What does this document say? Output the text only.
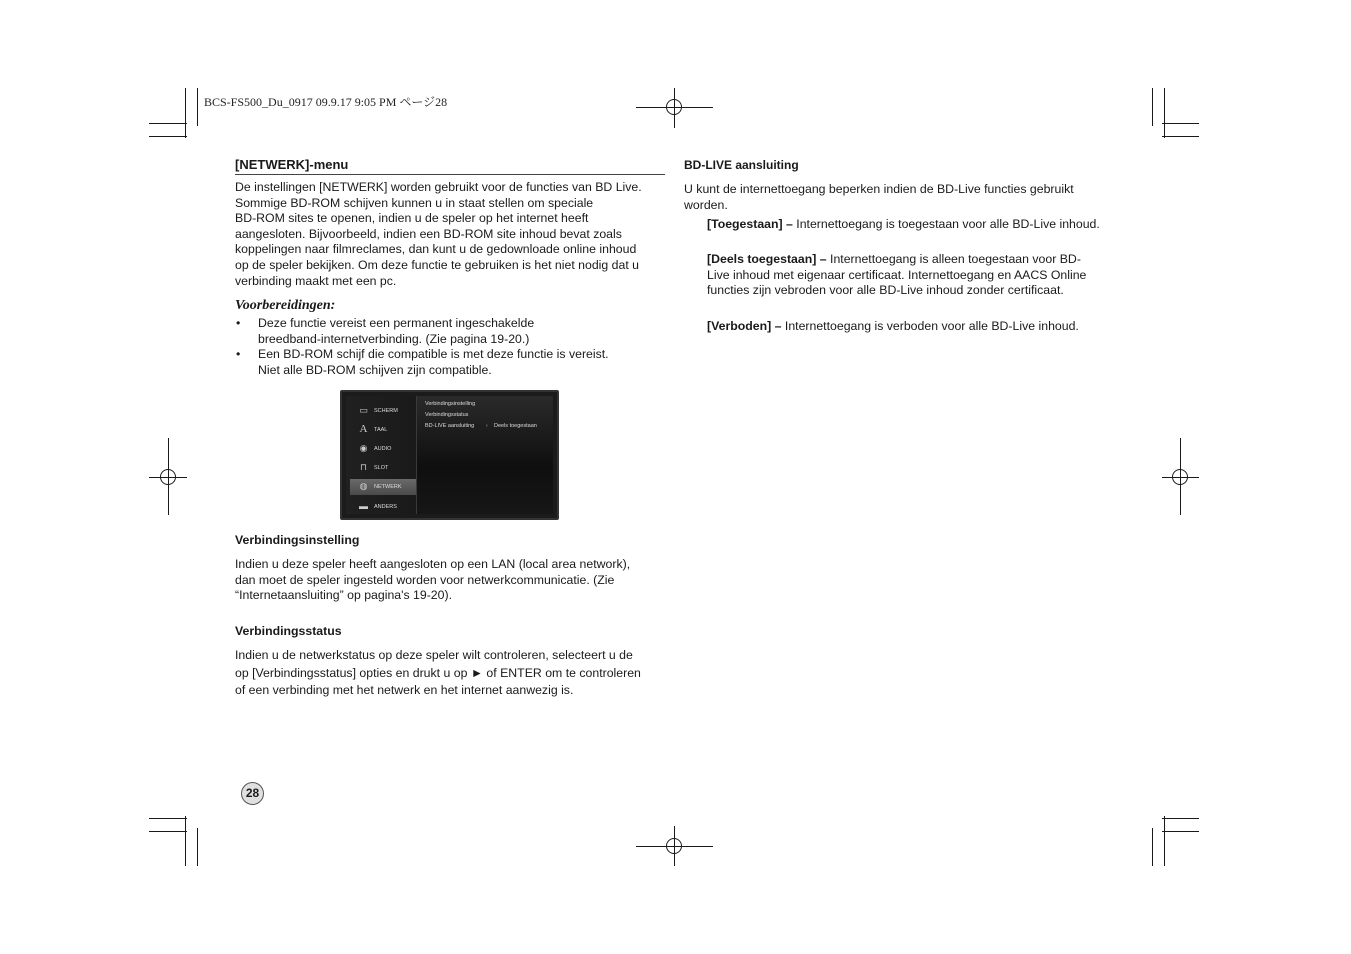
BCS-FS500_Du_0917 09.9.17 9:05 PM ページ28
[NETWERK]-menu
De instellingen [NETWERK] worden gebruikt voor de functies van BD Live.
Sommige BD-ROM schijven kunnen u in staat stellen om speciale
BD-ROM sites te openen, indien u de speler op het internet heeft
aangesloten. Bijvoorbeeld, indien een BD-ROM site inhoud bevat zoals
koppelingen naar filmreclames, dan kunt u de gedownloade online inhoud
op de speler bekijken. Om deze functie te gebruiken is het niet nodig dat u
verbinding maakt met een pc.
Voorbereidingen:
• Deze functie vereist een permanent ingeschakelde
breedband-internetverbinding. (Zie pagina 19-20.)
• Een BD-ROM schijf die compatible is met deze functie is vereist.
Niet alle BD-ROM schijven zijn compatible.
▭ SCHERM
A TAAL
◉ AUDIO
⊓ SLOT
◍ NETWERK
▬ ANDERS
Verbindingsinstelling
Verbindingsstatus
BD-LIVE aansluiting › Deels toegestaan
Verbindingsinstelling
Indien u deze speler heeft aangesloten op een LAN (local area network),
dan moet de speler ingesteld worden voor netwerkcommunicatie. (Zie
“Internetaansluiting” op pagina's 19-20).
Verbindingsstatus
Indien u de netwerkstatus op deze speler wilt controleren, selecteert u de
op [Verbindingsstatus] opties en drukt u op ► of ENTER om te controleren
of een verbinding met het netwerk en het internet aanwezig is.
BD-LIVE aansluiting
U kunt de internettoegang beperken indien de BD-Live functies gebruikt
worden.
[Toegestaan] – Internettoegang is toegestaan voor alle BD-Live inhoud.
[Deels toegestaan] – Internettoegang is alleen toegestaan voor BD-Live inhoud met eigenaar certificaat. Internettoegang en AACS Online functies zijn vebroden voor alle BD-Live inhoud zonder certificaat.
[Verboden] – Internettoegang is verboden voor alle BD-Live inhoud.
28
